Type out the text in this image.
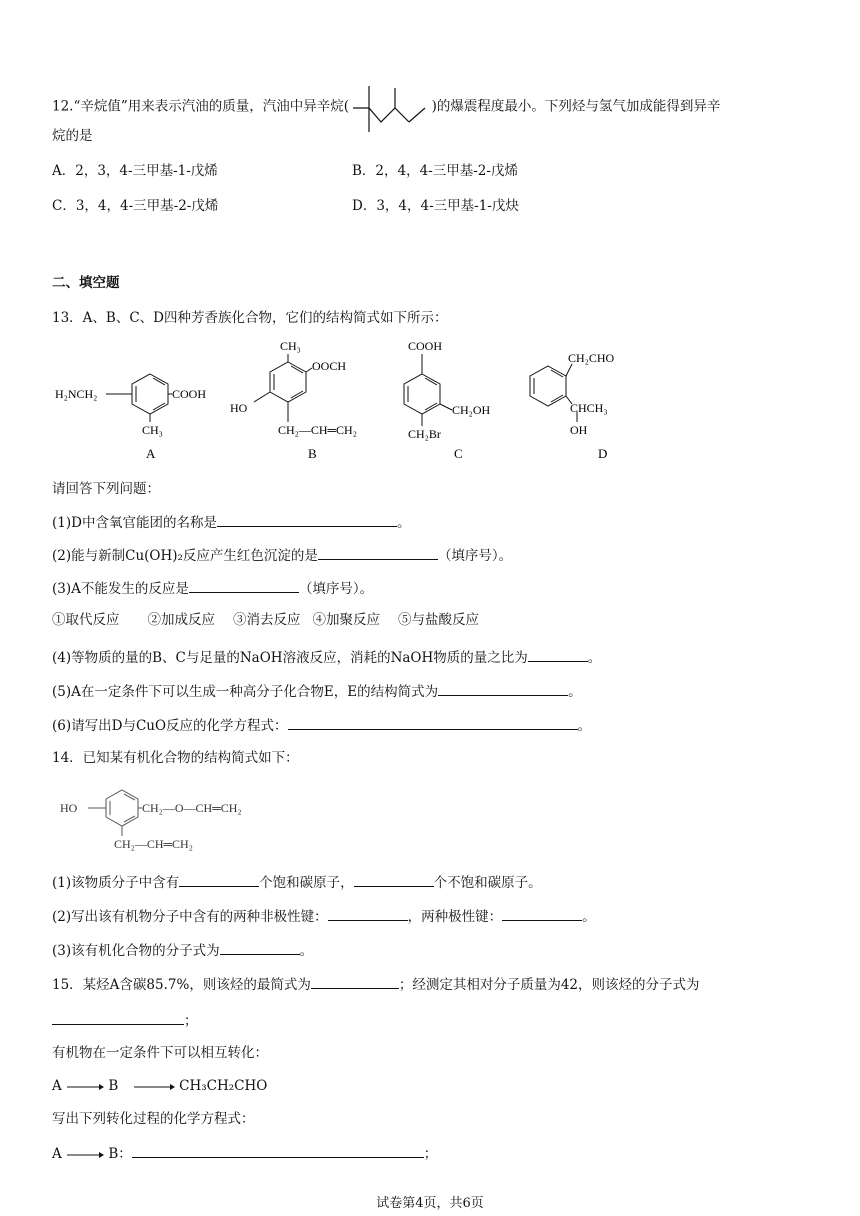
12.“辛烷值”用来表示汽油的质量，汽油中异辛烷(	)的爆震程度最小。下列烃与氢气加成能得到异辛
烷的是
A．2，3，4-三甲基-1-戊烯	B．2，4，4-三甲基-2-戊烯
C．3，4，4-三甲基-2-戊烯	D．3，4，4-三甲基-1-戊炔
二、填空题
13．A、B、C、D四种芳香族化合物，它们的结构简式如下所示：
H₂NCH₂	COOH
CH₃
A
CH₃
OOCH
HO
CH₂—CH═CH₂
B
COOH
CH₂OH
CH₂Br
C
CH₂CHO
CHCH₃
OH
D
请回答下列问题：
(1)D中含氧官能团的名称是	。
(2)能与新制Cu(OH)₂反应产生红色沉淀的是	（填序号）。
(3)A不能发生的反应是	（填序号）。
①取代反应 ②加成反应 ③消去反应 ④加聚反应 ⑤与盐酸反应
(4)等物质的量的B、C与足量的NaOH溶液反应，消耗的NaOH物质的量之比为	。
(5)A在一定条件下可以生成一种高分子化合物E，E的结构简式为	。
(6)请写出D与CuO反应的化学方程式：	。
14．已知某有机化合物的结构简式如下：
HO	CH₂—O—CH═CH₂
CH₂—CH═CH₂
(1)该物质分子中含有	个饱和碳原子，	个不饱和碳原子。
(2)写出该有机物分子中含有的两种非极性键：	，两种极性键：	。
(3)该有机化合物的分子式为	。
15．某烃A含碳85.7%，则该烃的最简式为	；经测定其相对分子质量为42，则该烃的分子式为
；
有机物在一定条件下可以相互转化：
A	B	CH₃CH₂CHO
写出下列转化过程的化学方程式：
A	B：	；
试卷第4页，共6页
